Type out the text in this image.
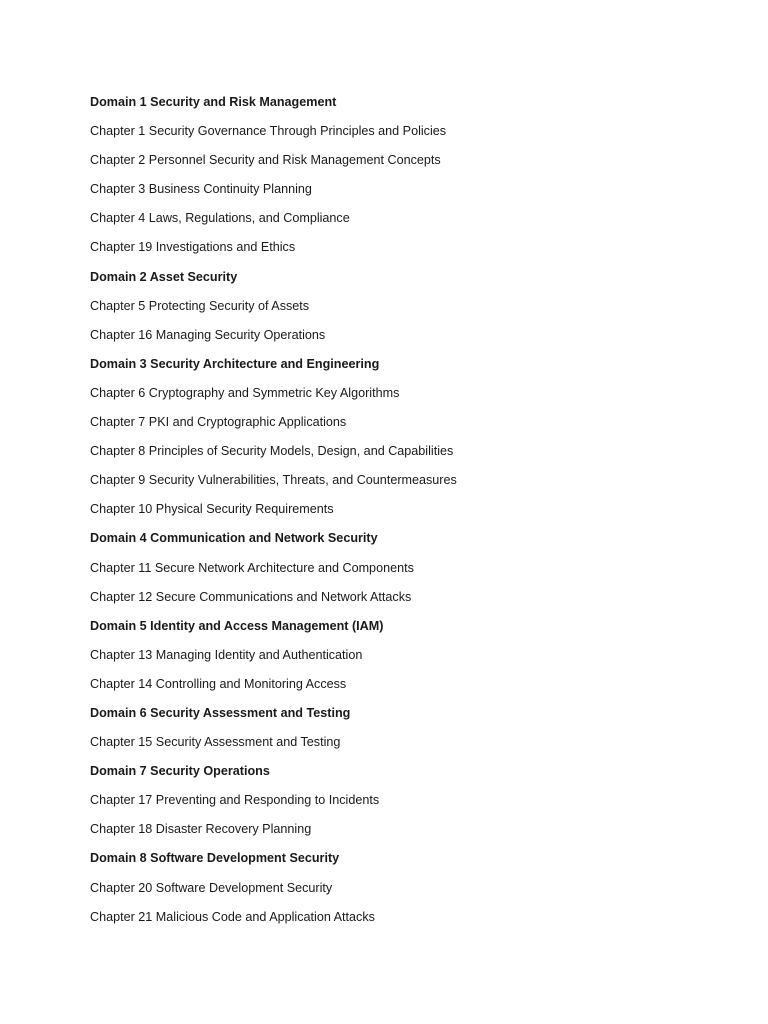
Domain 1 Security and Risk Management
Chapter 1 Security Governance Through Principles and Policies
Chapter 2 Personnel Security and Risk Management Concepts
Chapter 3 Business Continuity Planning
Chapter 4 Laws, Regulations, and Compliance
Chapter 19 Investigations and Ethics
Domain 2 Asset Security
Chapter 5 Protecting Security of Assets
Chapter 16 Managing Security Operations
Domain 3 Security Architecture and Engineering
Chapter 6 Cryptography and Symmetric Key Algorithms
Chapter 7 PKI and Cryptographic Applications
Chapter 8 Principles of Security Models, Design, and Capabilities
Chapter 9 Security Vulnerabilities, Threats, and Countermeasures
Chapter 10 Physical Security Requirements
Domain 4 Communication and Network Security
Chapter 11 Secure Network Architecture and Components
Chapter 12 Secure Communications and Network Attacks
Domain 5 Identity and Access Management (IAM)
Chapter 13 Managing Identity and Authentication
Chapter 14 Controlling and Monitoring Access
Domain 6 Security Assessment and Testing
Chapter 15 Security Assessment and Testing
Domain 7 Security Operations
Chapter 17 Preventing and Responding to Incidents
Chapter 18 Disaster Recovery Planning
Domain 8 Software Development Security
Chapter 20 Software Development Security
Chapter 21 Malicious Code and Application Attacks
